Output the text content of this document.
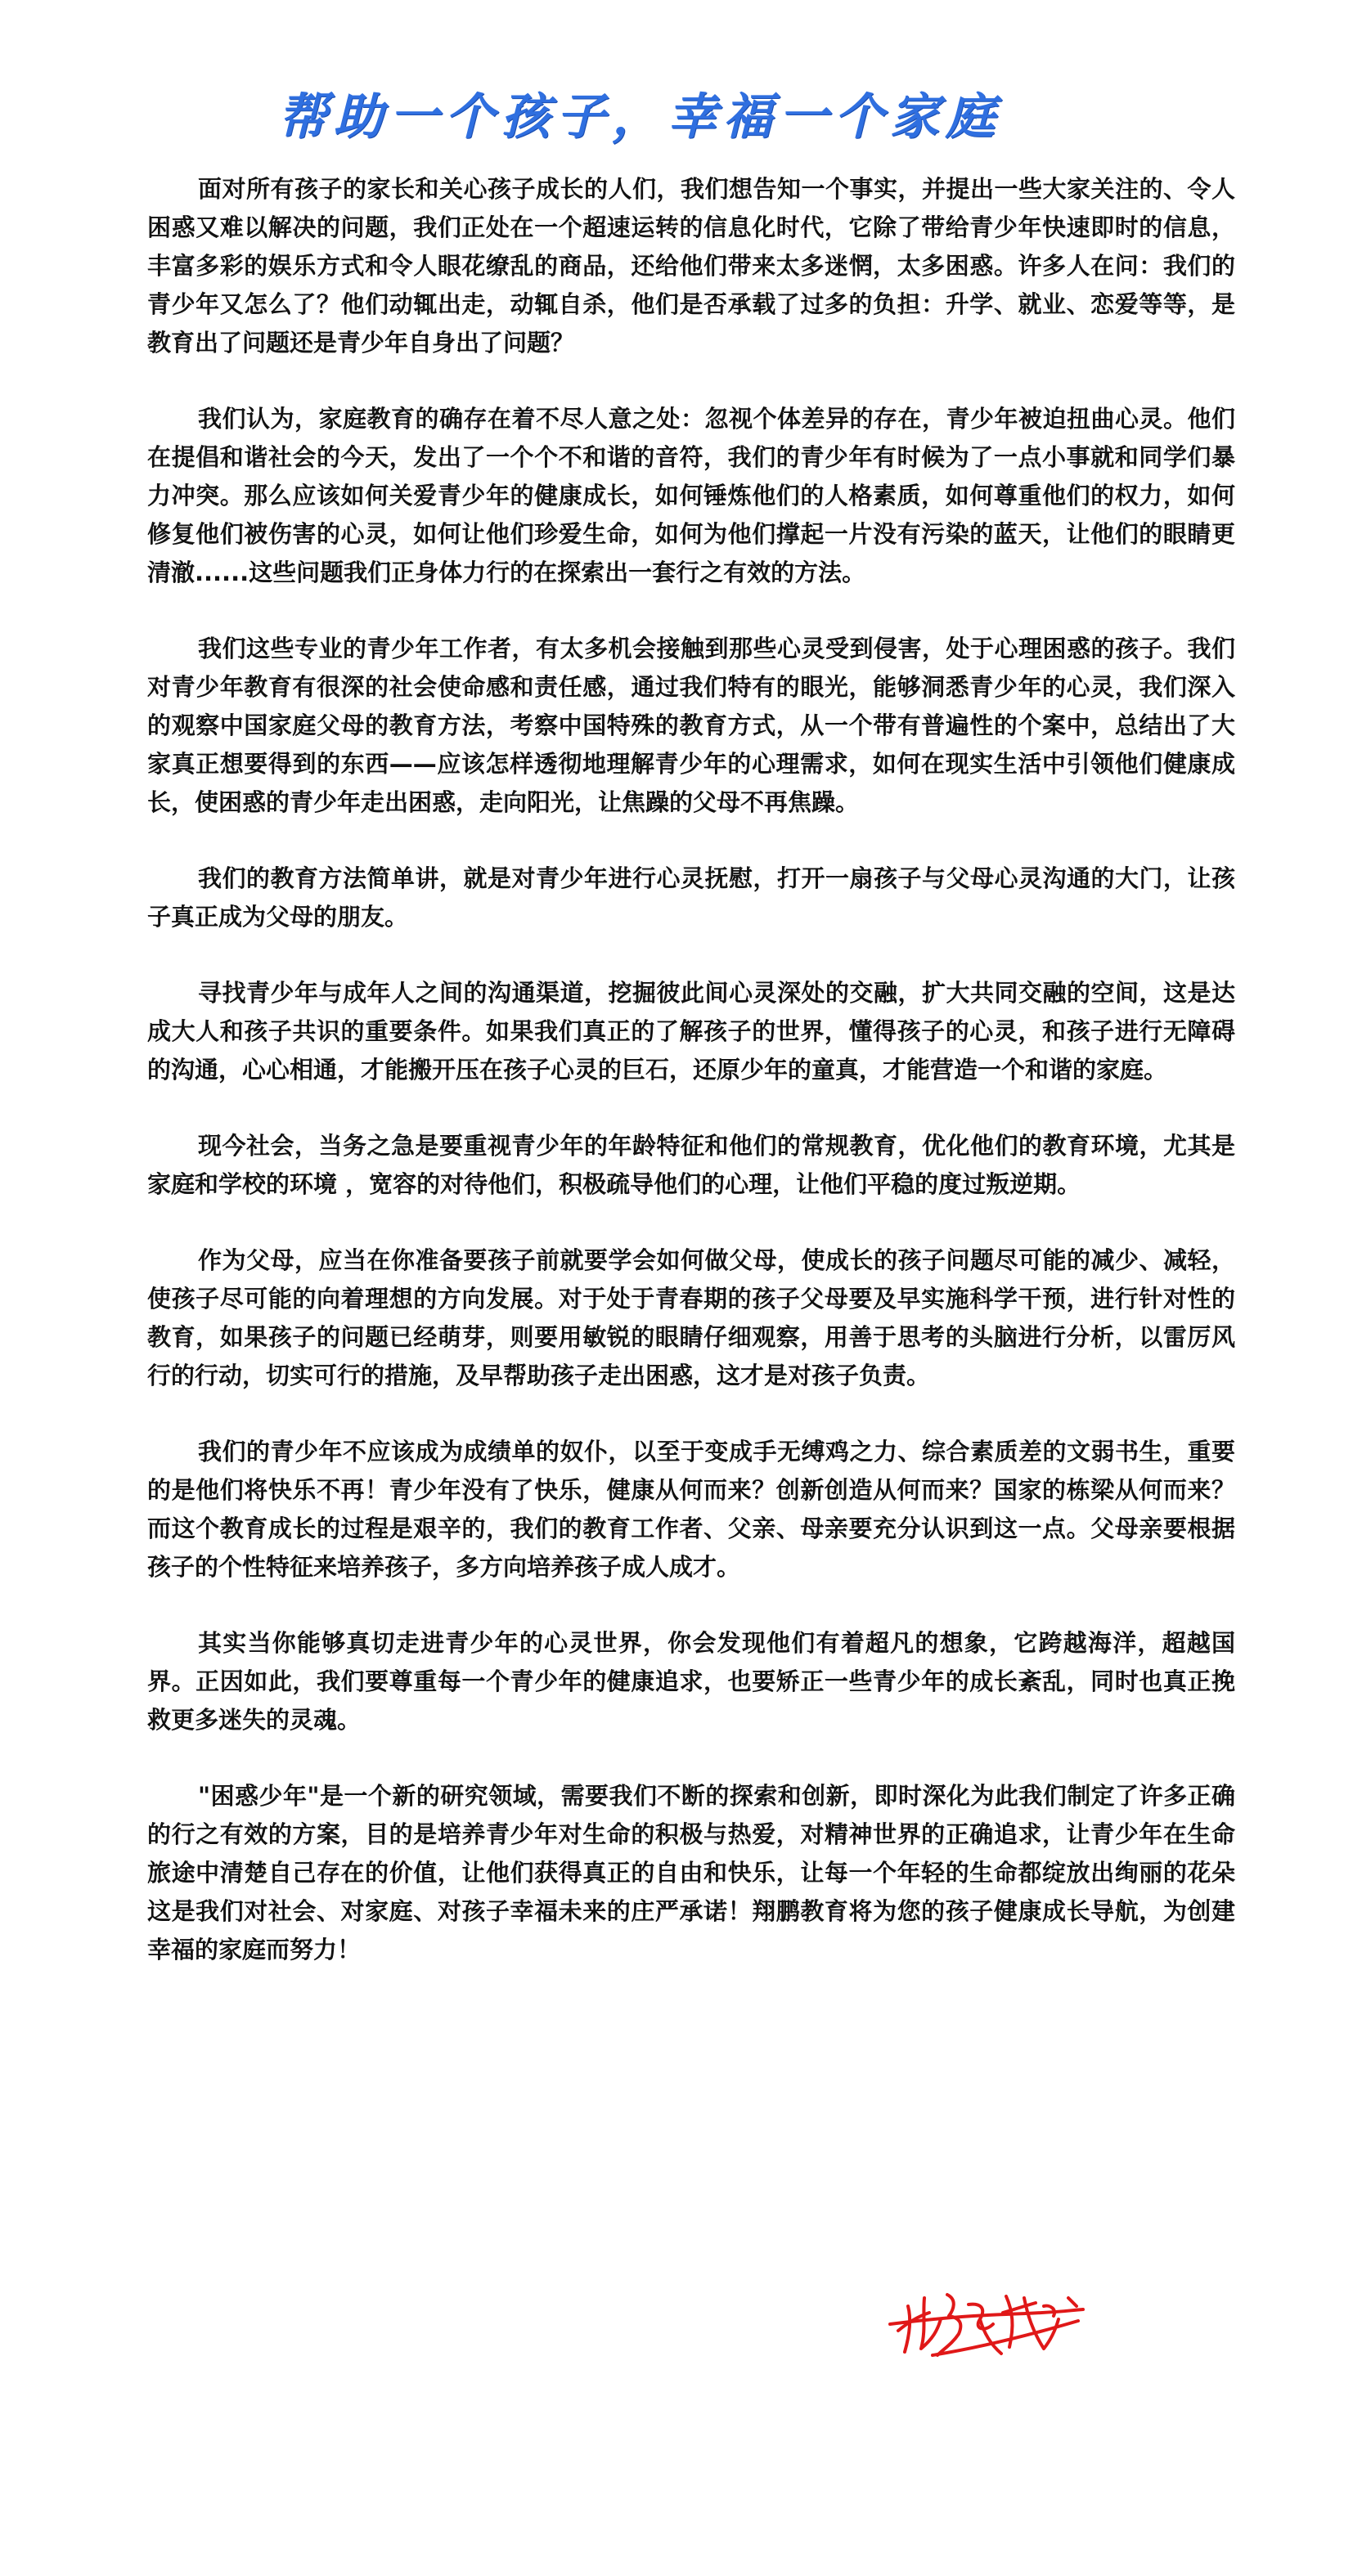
帮助一个孩子，幸福一个家庭

面对所有孩子的家长和关心孩子成长的人们，我们想告知一个事实，并提出一些大家关注的、令人困惑又难以解决的问题，我们正处在一个超速运转的信息化时代，它除了带给青少年快速即时的信息，丰富多彩的娱乐方式和令人眼花缭乱的商品，还给他们带来太多迷惘，太多困惑。许多人在问：我们的青少年又怎么了？他们动辄出走，动辄自杀，他们是否承载了过多的负担：升学、就业、恋爱等等，是教育出了问题还是青少年自身出了问题？

我们认为，家庭教育的确存在着不尽人意之处：忽视个体差异的存在，青少年被迫扭曲心灵。他们在提倡和谐社会的今天，发出了一个个不和谐的音符，我们的青少年有时候为了一点小事就和同学们暴力冲突。那么应该如何关爱青少年的健康成长，如何锤炼他们的人格素质，如何尊重他们的权力，如何修复他们被伤害的心灵，如何让他们珍爱生命，如何为他们撑起一片没有污染的蓝天，让他们的眼睛更清澈......这些问题我们正身体力行的在探索出一套行之有效的方法。

我们这些专业的青少年工作者，有太多机会接触到那些心灵受到侵害，处于心理困惑的孩子。我们对青少年教育有很深的社会使命感和责任感，通过我们特有的眼光，能够洞悉青少年的心灵，我们深入的观察中国家庭父母的教育方法，考察中国特殊的教育方式，从一个带有普遍性的个案中，总结出了大家真正想要得到的东西——应该怎样透彻地理解青少年的心理需求，如何在现实生活中引领他们健康成长，使困惑的青少年走出困惑，走向阳光，让焦躁的父母不再焦躁。

我们的教育方法简单讲，就是对青少年进行心灵抚慰，打开一扇孩子与父母心灵沟通的大门，让孩子真正成为父母的朋友。

寻找青少年与成年人之间的沟通渠道，挖掘彼此间心灵深处的交融，扩大共同交融的空间，这是达成大人和孩子共识的重要条件。如果我们真正的了解孩子的世界，懂得孩子的心灵，和孩子进行无障碍的沟通，心心相通，才能搬开压在孩子心灵的巨石，还原少年的童真，才能营造一个和谐的家庭。

现今社会，当务之急是要重视青少年的年龄特征和他们的常规教育，优化他们的教育环境，尤其是家庭和学校的环境 ，宽容的对待他们，积极疏导他们的心理，让他们平稳的度过叛逆期。

作为父母，应当在你准备要孩子前就要学会如何做父母，使成长的孩子问题尽可能的减少、减轻，使孩子尽可能的向着理想的方向发展。对于处于青春期的孩子父母要及早实施科学干预，进行针对性的教育，如果孩子的问题已经萌芽，则要用敏锐的眼睛仔细观察，用善于思考的头脑进行分析，以雷厉风行的行动，切实可行的措施，及早帮助孩子走出困惑，这才是对孩子负责。

我们的青少年不应该成为成绩单的奴仆，以至于变成手无缚鸡之力、综合素质差的文弱书生，重要的是他们将快乐不再！青少年没有了快乐，健康从何而来？创新创造从何而来？国家的栋梁从何而来？而这个教育成长的过程是艰辛的，我们的教育工作者、父亲、母亲要充分认识到这一点。父母亲要根据孩子的个性特征来培养孩子，多方向培养孩子成人成才。

其实当你能够真切走进青少年的心灵世界，你会发现他们有着超凡的想象，它跨越海洋，超越国界。正因如此，我们要尊重每一个青少年的健康追求，也要矫正一些青少年的成长紊乱，同时也真正挽救更多迷失的灵魂。

"困惑少年"是一个新的研究领域，需要我们不断的探索和创新，即时深化为此我们制定了许多正确的行之有效的方案，目的是培养青少年对生命的积极与热爱，对精神世界的正确追求，让青少年在生命旅途中清楚自己存在的价值，让他们获得真正的自由和快乐，让每一个年轻的生命都绽放出绚丽的花朵这是我们对社会、对家庭、对孩子幸福未来的庄严承诺！翔鹏教育将为您的孩子健康成长导航，为创建幸福的家庭而努力！
